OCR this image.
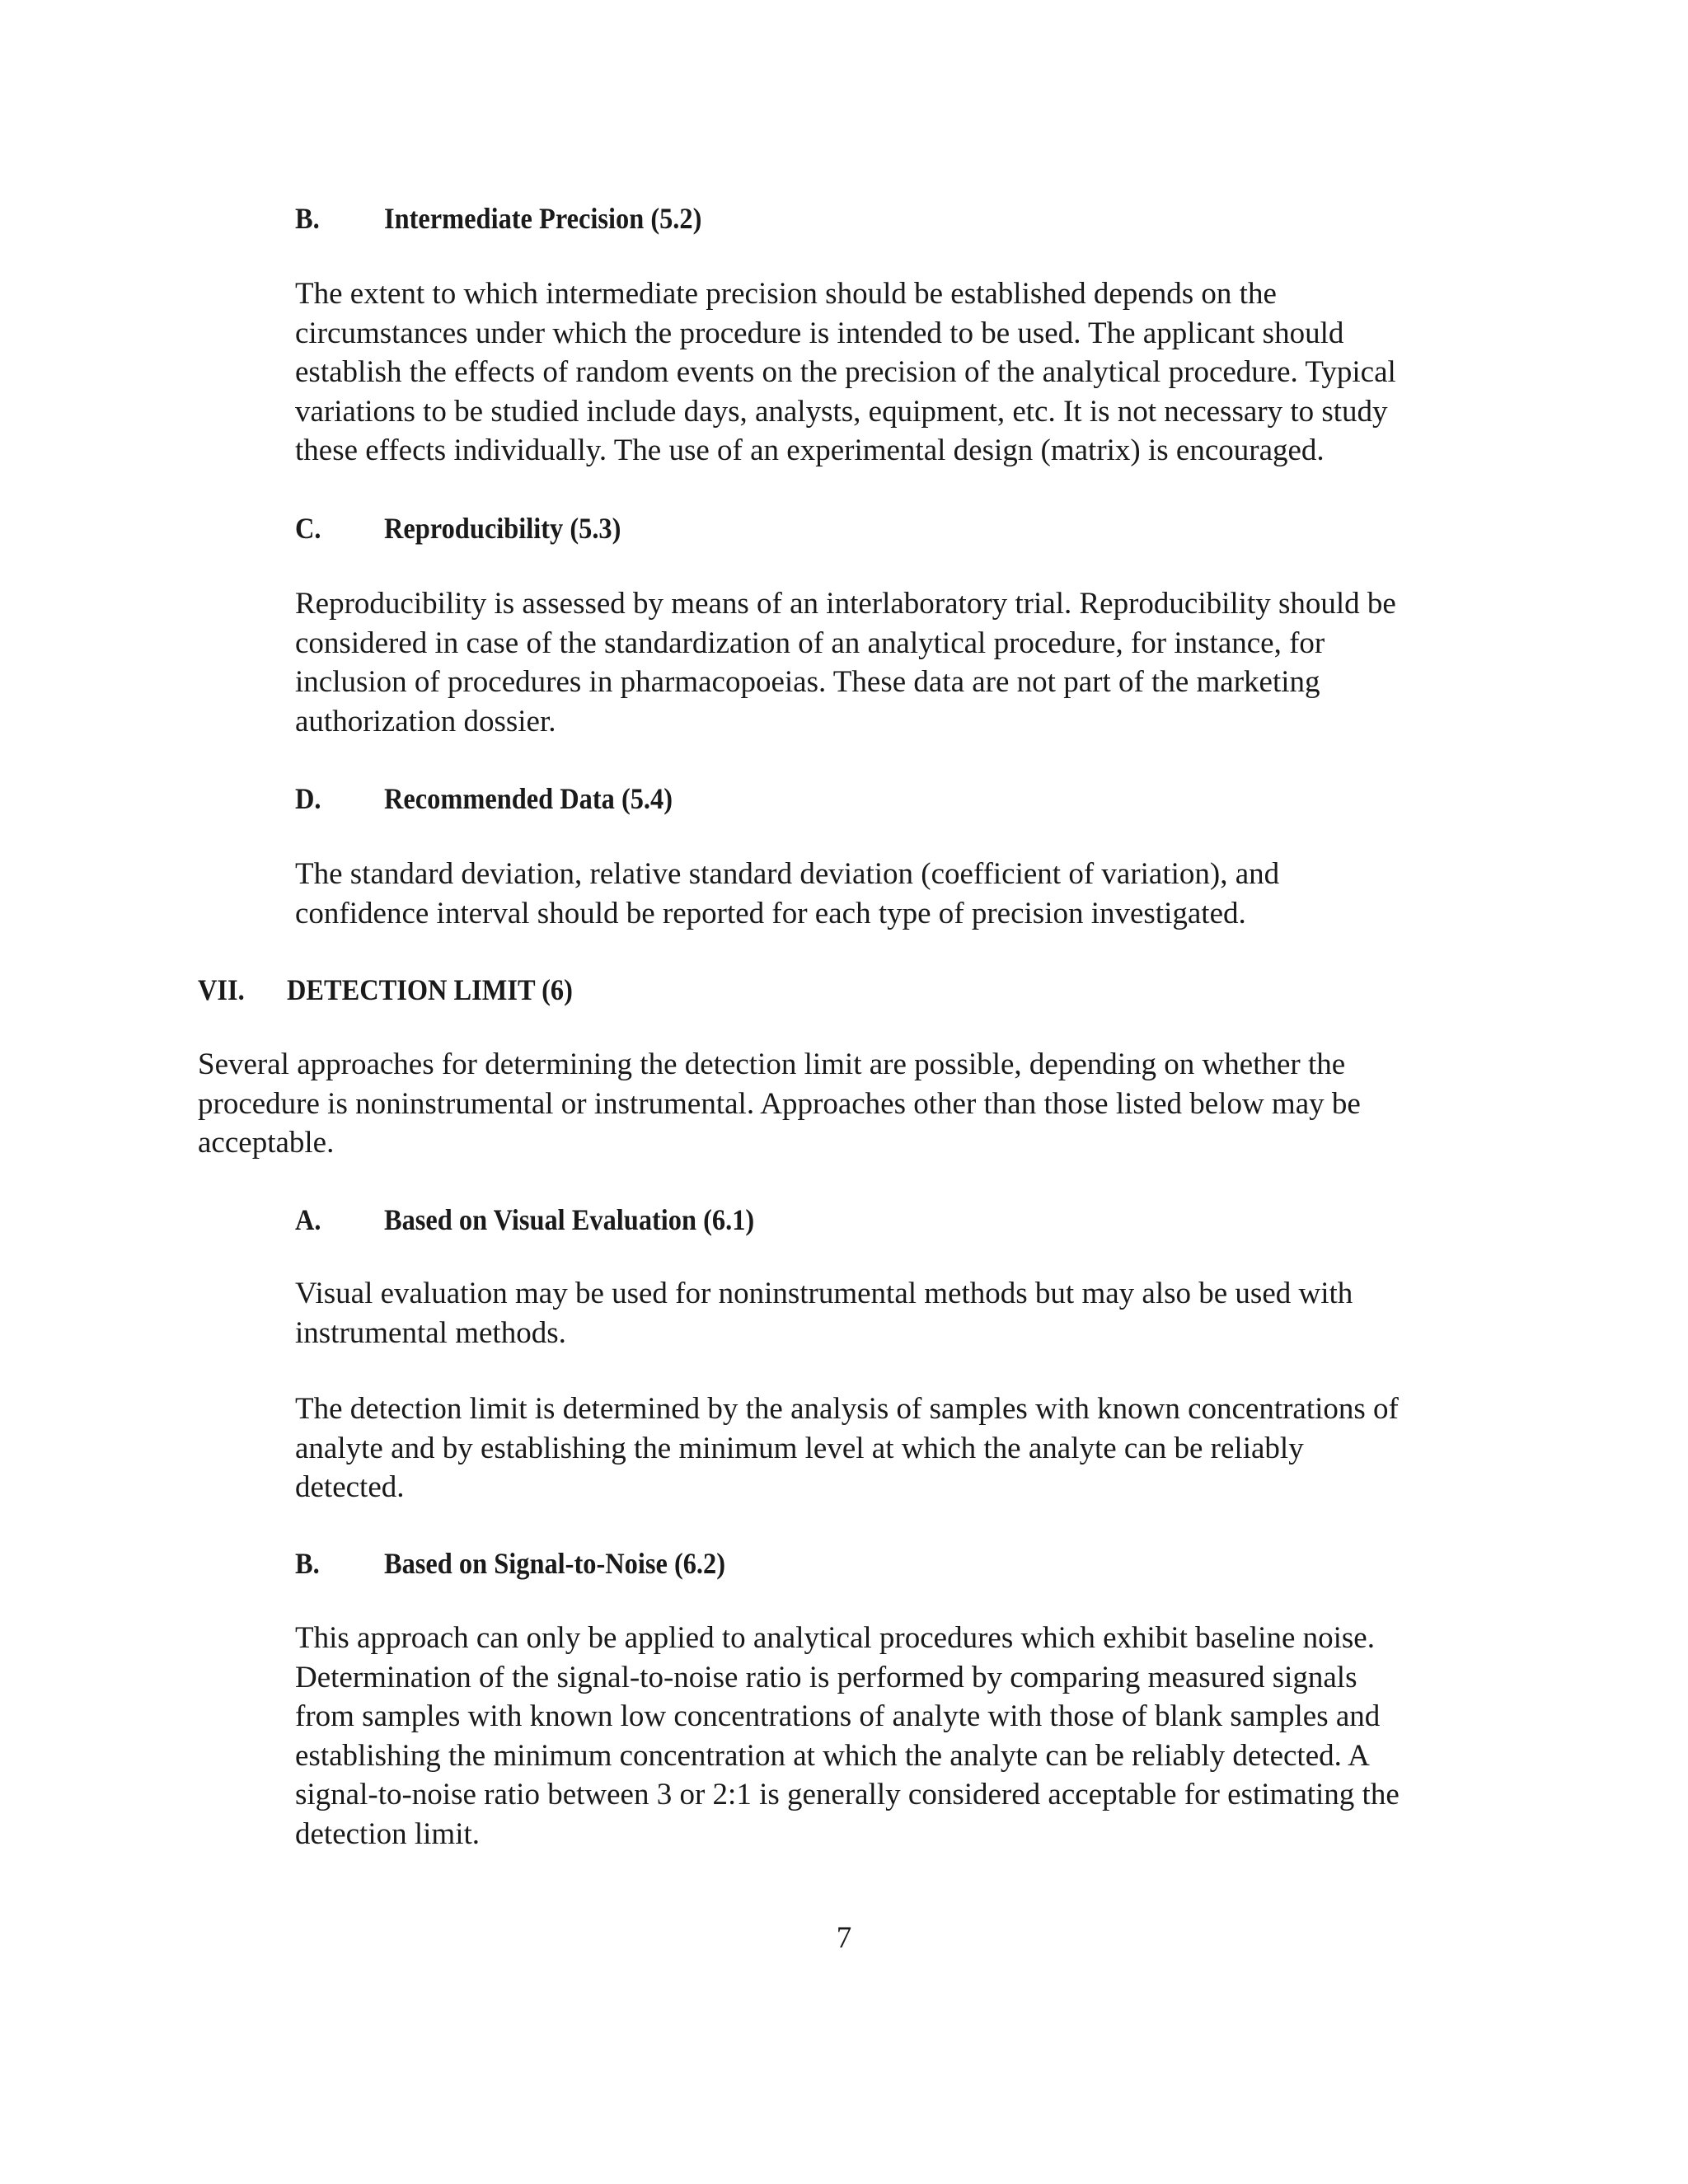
B. Intermediate Precision (5.2)
The extent to which intermediate precision should be established depends on the
circumstances under which the procedure is intended to be used. The applicant should
establish the effects of random events on the precision of the analytical procedure. Typical
variations to be studied include days, analysts, equipment, etc. It is not necessary to study
these effects individually. The use of an experimental design (matrix) is encouraged.
C. Reproducibility (5.3)
Reproducibility is assessed by means of an interlaboratory trial. Reproducibility should be
considered in case of the standardization of an analytical procedure, for instance, for
inclusion of procedures in pharmacopoeias. These data are not part of the marketing
authorization dossier.
D. Recommended Data (5.4)
The standard deviation, relative standard deviation (coefficient of variation), and
confidence interval should be reported for each type of precision investigated.
VII. DETECTION LIMIT (6)
Several approaches for determining the detection limit are possible, depending on whether the
procedure is noninstrumental or instrumental. Approaches other than those listed below may be
acceptable.
A. Based on Visual Evaluation (6.1)
Visual evaluation may be used for noninstrumental methods but may also be used with
instrumental methods.
The detection limit is determined by the analysis of samples with known concentrations of
analyte and by establishing the minimum level at which the analyte can be reliably
detected.
B. Based on Signal-to-Noise (6.2)
This approach can only be applied to analytical procedures which exhibit baseline noise.
Determination of the signal-to-noise ratio is performed by comparing measured signals
from samples with known low concentrations of analyte with those of blank samples and
establishing the minimum concentration at which the analyte can be reliably detected. A
signal-to-noise ratio between 3 or 2:1 is generally considered acceptable for estimating the
detection limit.
7
